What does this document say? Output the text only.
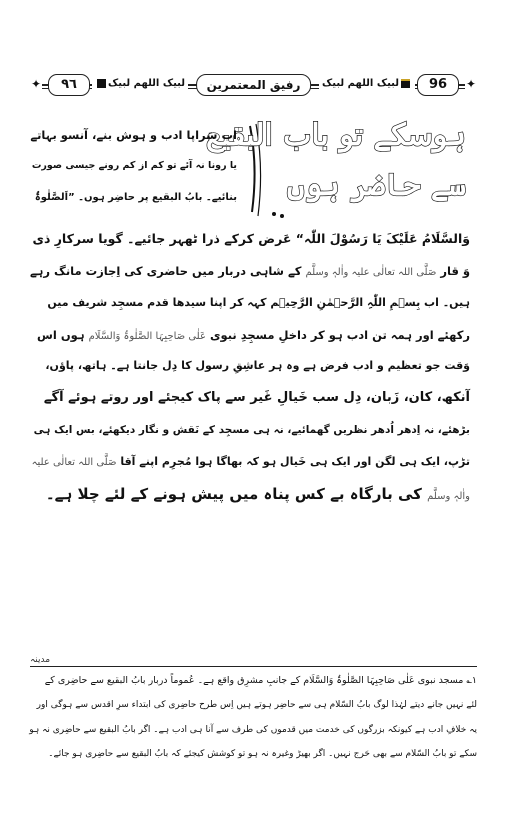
✦	✦
٩٦	لبیک اللھم لبیک	رفیق المعتمرین	لبیک اللھم لبیک	96
ہوسکے تو باب البقیع
سے حاضر ہوں
اب سَراپا ادب و ہوش بنے، آنسو بہاتے
یا رونا نہ آئے تو کم از کم رونے جیسی صورت
بنائیے۔ بابُ البقیع پر حاضِر ہوں۔ ”اَلصَّلٰوۃُ
وَالسَّلَامُ عَلَیْکَ یَا رَسُوْلَ اللّٰہ“ عَرض کرکے ذرا ٹھہر جائیے۔ گویا سرکارِ ذی
وَ قار صَلَّی اللہ تعالٰی علیہ واٰلہٖ وسلَّم کے شاہی دربار میں حاضری کی اِجازت مانگ رہے
ہیں۔ اب بِسۡمِ اللّٰہِ الرَّحۡمٰنِ الرَّحِیۡم کہہ کر اپنا سیدھا قدم مسجِد شریف میں
رکھئے اور ہمہ تن ادب ہو کر داخلِ مسجِدِ نبوی عَلٰی صَاحِبِہَا الصَّلٰوۃُ وَالسَّلَام ہوں اس
وَقت جو تعظیم و ادب فرض ہے وہ ہر عاشِقِ رسول کا دِل جانتا ہے۔ ہاتھ، پاؤں،
آنکھ، کان، زَبان، دِل سب خَیالِ غَیر سے پاک کیجئے اور روتے ہوئے آگے
بڑھئے، نہ اِدھر اُدھر نظریں گھمائیے، نہ ہی مسجِد کے نَقش و نگار دیکھئے، بس ایک ہی
تڑپ، ایک ہی لگن اور ایک ہی خَیال ہو کہ بھاگا ہوا مُجرِم اپنے آقا صَلَّی اللہ تعالٰی علیہ
واٰلہٖ وسلَّم کی بارگاہ بے کس پناہ میں پیش ہونے کے لئے چلا ہے۔
مدینہ
۱؎ مسجد نبوی عَلٰی صَاحِبِہَا الصَّلٰوۃُ وَالسَّلَام کے جانبِ مشرِق واقع ہے۔ عُموماً دربار بابُ البقیع سے حاضِری کے
لئے نہیں جانے دیتے لہٰذا لوگ بابُ السّلام ہی سے حاضِر ہوتے ہیں اِس طرح حاضِری کی ابتداء سرِ اقدس سے ہوگی اور
یہ خلافِ ادب ہے کیونکہ بزرگوں کی خدمت میں قدموں کی طرف سے آنا ہی ادب ہے۔ اگر بابُ البقیع سے حاضِری نہ ہو
سکے تو بابُ السّلام سے بھی حَرج نہیں۔ اگر بھیڑ وغیرہ نہ ہو تو کوشش کیجئے کہ بابُ البقیع سے حاضِری ہو جائے۔
